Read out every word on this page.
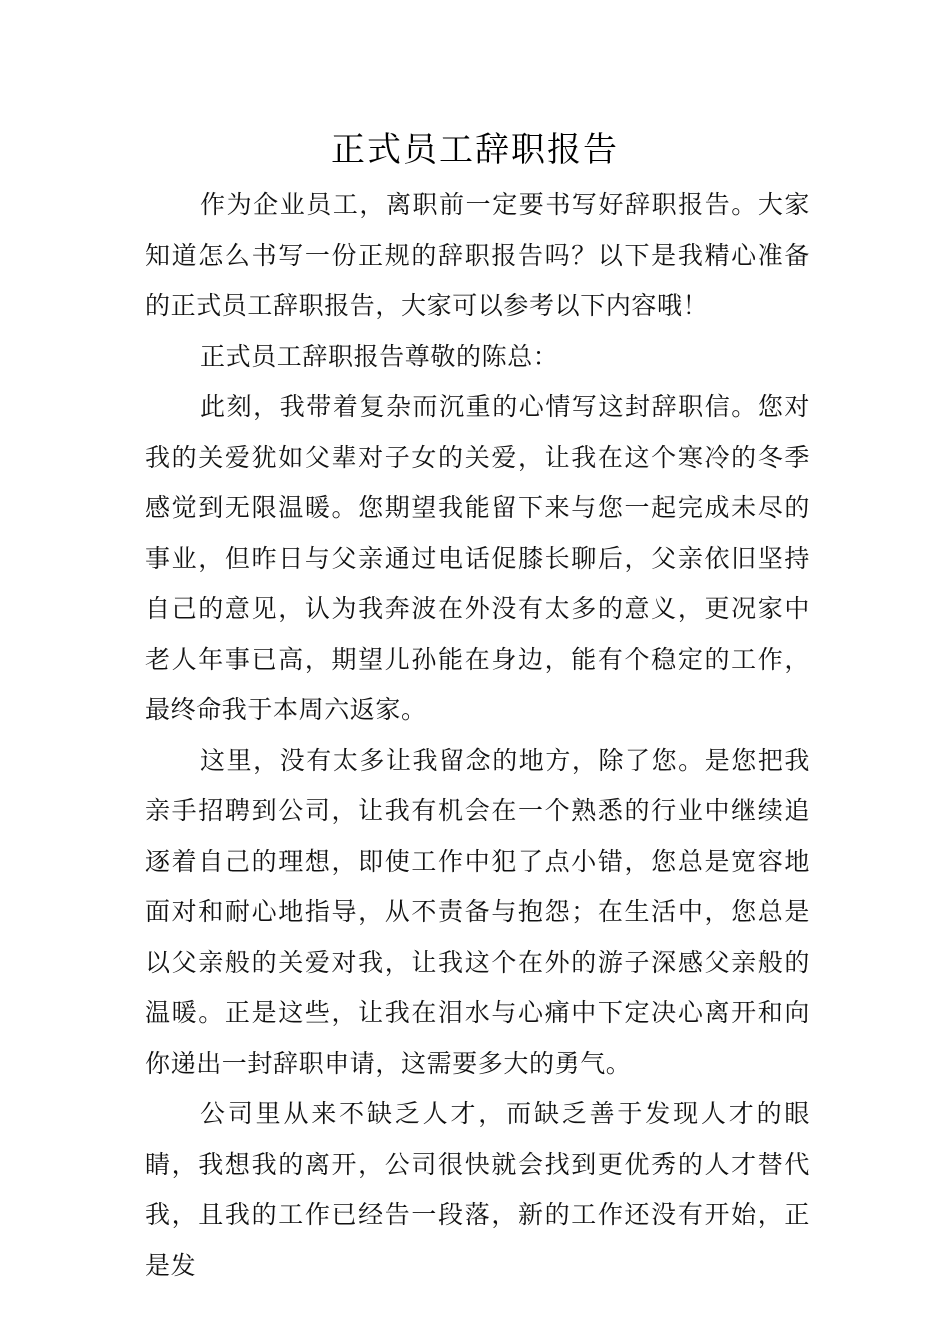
正式员工辞职报告

作为企业员工，离职前一定要书写好辞职报告。大家知道怎么书写一份正规的辞职报告吗？以下是我精心准备的正式员工辞职报告，大家可以参考以下内容哦！

正式员工辞职报告尊敬的陈总：

此刻，我带着复杂而沉重的心情写这封辞职信。您对我的关爱犹如父辈对子女的关爱，让我在这个寒冷的冬季感觉到无限温暖。您期望我能留下来与您一起完成未尽的事业，但昨日与父亲通过电话促膝长聊后，父亲依旧坚持自己的意见，认为我奔波在外没有太多的意义，更况家中老人年事已高，期望儿孙能在身边，能有个稳定的工作，最终命我于本周六返家。

这里，没有太多让我留念的地方，除了您。是您把我亲手招聘到公司，让我有机会在一个熟悉的行业中继续追逐着自己的理想，即使工作中犯了点小错，您总是宽容地面对和耐心地指导，从不责备与抱怨；在生活中，您总是以父亲般的关爱对我，让我这个在外的游子深感父亲般的温暖。正是这些，让我在泪水与心痛中下定决心离开和向你递出一封辞职申请，这需要多大的勇气。

公司里从来不缺乏人才，而缺乏善于发现人才的眼睛，我想我的离开，公司很快就会找到更优秀的人才替代我，且我的工作已经告一段落，新的工作还没有开始，正是发
